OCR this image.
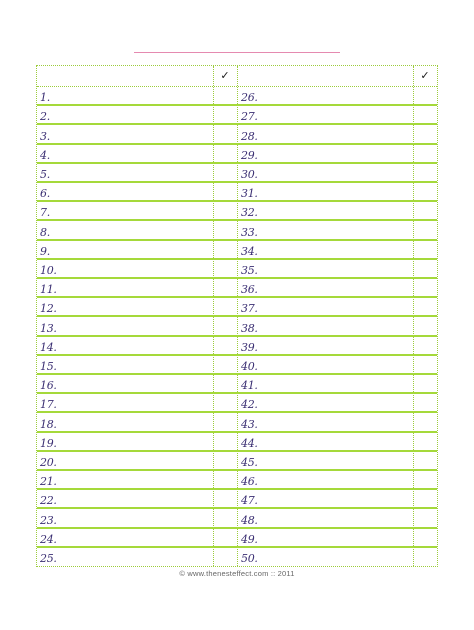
✓	✓
1.	26.
2.	27.
3.	28.
4.	29.
5.	30.
6.	31.
7.	32.
8.	33.
9.	34.
10.	35.
11.	36.
12.	37.
13.	38.
14.	39.
15.	40.
16.	41.
17.	42.
18.	43.
19.	44.
20.	45.
21.	46.
22.	47.
23.	48.
24.	49.
25.	50.
© www.thenesteffect.com :: 2011
